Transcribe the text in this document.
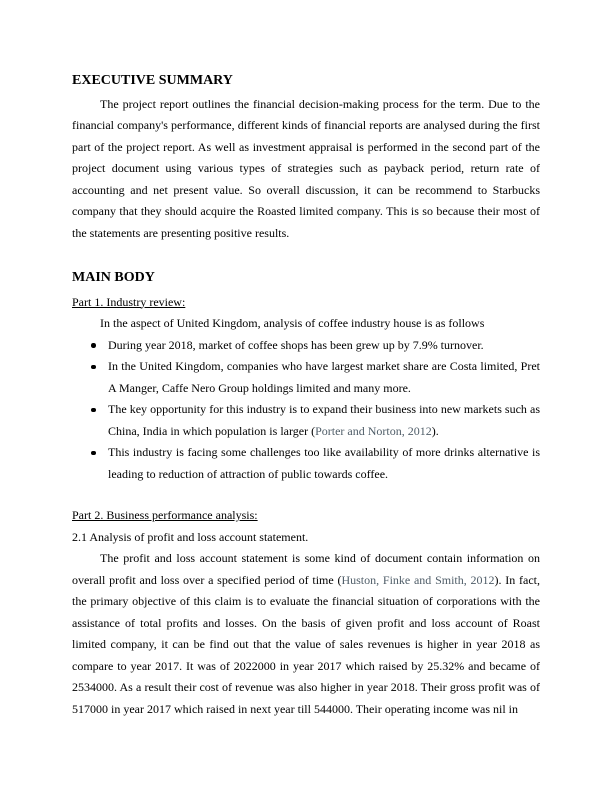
EXECUTIVE SUMMARY

The project report outlines the financial decision-making process for the term. Due to the financial company's performance, different kinds of financial reports are analysed during the first part of the project report. As well as investment appraisal is performed in the second part of the project document using various types of strategies such as payback period, return rate of accounting and net present value. So overall discussion, it can be recommend to Starbucks company that they should acquire the Roasted limited company. This is so because their most of the statements are presenting positive results.

MAIN BODY
Part 1. Industry review:

In the aspect of United Kingdom, analysis of coffee industry house is as follows

During year 2018, market of coffee shops has been grew up by 7.9% turnover.
In the United Kingdom, companies who have largest market share are Costa limited, Pret A Manger, Caffe Nero Group holdings limited and many more.
The key opportunity for this industry is to expand their business into new markets such as China, India in which population is larger (Porter and Norton, 2012).
This industry is facing some challenges too like availability of more drinks alternative is leading to reduction of attraction of public towards coffee.
Part 2. Business performance analysis:
2.1 Analysis of profit and loss account statement.

The profit and loss account statement is some kind of document contain information on overall profit and loss over a specified period of time (Huston, Finke and Smith, 2012). In fact, the primary objective of this claim is to evaluate the financial situation of corporations with the assistance of total profits and losses. On the basis of given profit and loss account of Roast limited company, it can be find out that the value of sales revenues is higher in year 2018 as compare to year 2017. It was of 2022000 in year 2017 which raised by 25.32% and became of 2534000. As a result their cost of revenue was also higher in year 2018. Their gross profit was of 517000 in year 2017 which raised in next year till 544000. Their operating income was nil in
